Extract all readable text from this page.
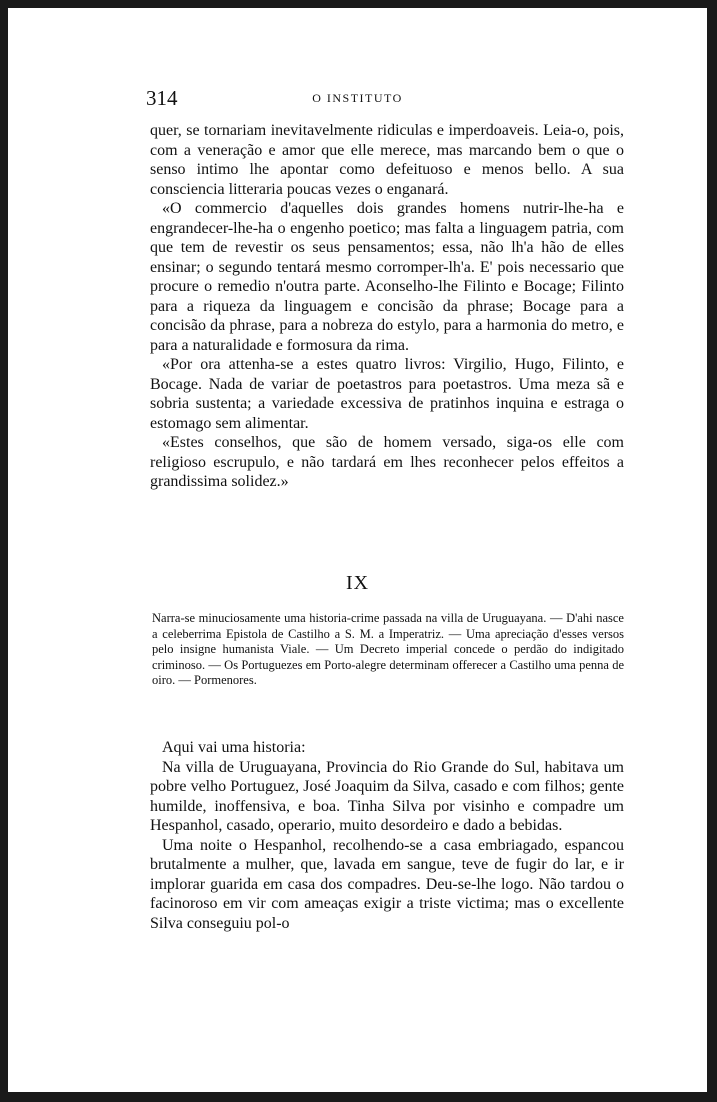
314	O INSTITUTO

quer, se tornariam inevitavelmente ridiculas e imperdoaveis. Leia-o, pois, com a veneração e amor que elle merece, mas marcando bem o que o senso intimo lhe apontar como defeituoso e menos bello. A sua consciencia litteraria poucas vezes o enganará.

«O commercio d'aquelles dois grandes homens nutrir-lhe-ha e engrandecer-lhe-ha o engenho poetico; mas falta a linguagem patria, com que tem de revestir os seus pensamentos; essa, não lh'a hão de elles ensinar; o segundo tentará mesmo corromper-lh'a. E' pois necessario que procure o remedio n'outra parte. Aconselho-lhe Filinto e Bocage; Filinto para a riqueza da linguagem e concisão da phrase; Bocage para a concisão da phrase, para a nobreza do estylo, para a harmonia do metro, e para a naturalidade e formosura da rima.

«Por ora attenha-se a estes quatro livros: Virgilio, Hugo, Filinto, e Bocage. Nada de variar de poetastros para poetastros. Uma meza sã e sobria sustenta; a variedade excessiva de pratinhos inquina e estraga o estomago sem alimentar.

«Estes conselhos, que são de homem versado, siga-os elle com religioso escrupulo, e não tardará em lhes reconhecer pelos effeitos a grandissima solidez.»

IX
Narra-se minuciosamente uma historia-crime passada na villa de Uruguayana. — D'ahi nasce a celeberrima Epistola de Castilho a S. M. a Imperatriz. — Uma apreciação d'esses versos pelo insigne humanista Viale. — Um Decreto imperial concede o perdão do indigitado criminoso. — Os Portuguezes em Porto-alegre determinam offerecer a Castilho uma penna de oiro. — Pormenores.

Aqui vai uma historia:

Na villa de Uruguayana, Provincia do Rio Grande do Sul, habitava um pobre velho Portuguez, José Joaquim da Silva, casado e com filhos; gente humilde, inoffensiva, e boa. Tinha Silva por visinho e compadre um Hespanhol, casado, operario, muito desordeiro e dado a bebidas.

Uma noite o Hespanhol, recolhendo-se a casa embriagado, espancou brutalmente a mulher, que, lavada em sangue, teve de fugir do lar, e ir implorar guarida em casa dos compadres. Deu-se-lhe logo. Não tardou o facinoroso em vir com ameaças exigir a triste victima; mas o excellente Silva conseguiu pol-o
